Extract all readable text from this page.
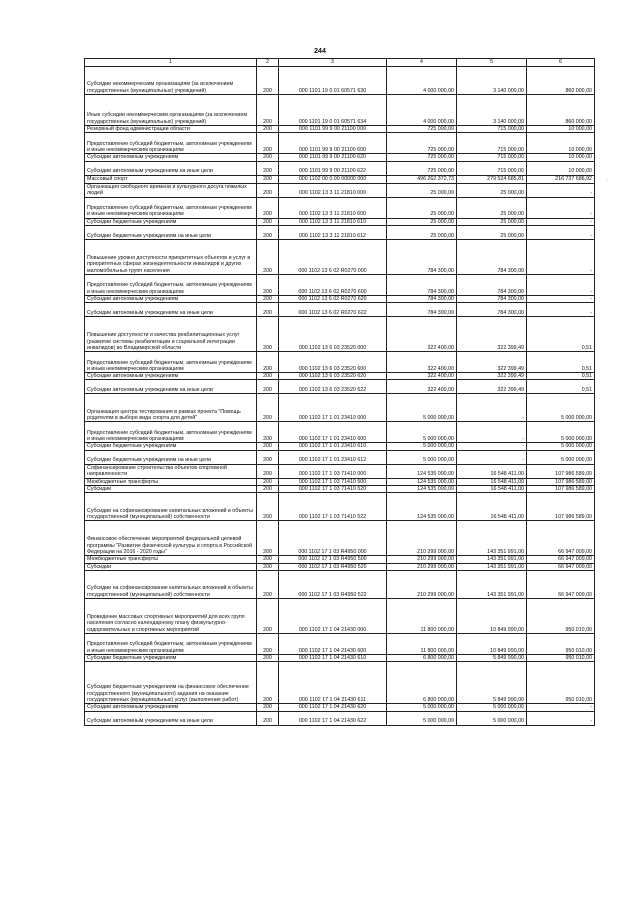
244
·
1	2	3	4	5	6
Субсидии некоммерческим организациям (за исключением государственных (муниципальных) учреждений)	200	000 1101 19 0 01 60571 630	4 000 000,00	3 140 000,00	860 000,00
Иные субсидии некоммерческим организациям (за исключением государственных (муниципальных) учреждений)	200	000 1101 19 0 01 60571 634	4 000 000,00	3 140 000,00	860 000,00
Резервный фонд администрации области	200	000 1101 99 9 00 21100 000	725 000,00	715 000,00	10 000,00
Предоставление субсидий бюджетным, автономным учреждениям и иным некоммерческим организациям	200	000 1101 99 9 00 21100 600	725 000,00	715 000,00	10 000,00
Субсидии автономным учреждениям	200	000 1101 99 9 00 21100 620	725 000,00	715 000,00	10 000,00
Субсидии автономным учреждениям на иные цели	200	000 1101 99 9 00 21100 622	725 000,00	715 000,00	10 000,00
Массовый спорт	200	000 1102 00 0 00 00000 000	496 262 372,73	279 524 685,81	216 737 686,92
Организация свободного времени и культурного досуга пожилых людей	200	000 1102 13 3 11 21810 000	25 000,00	25 000,00	-
Предоставление субсидий бюджетным, автономным учреждениям и иным некоммерческим организациям	200	000 1102 13 3 11 21810 600	25 000,00	25 000,00	-
Субсидии бюджетным учреждениям	200	000 1102 13 3 11 21810 610	25 000,00	25 000,00	-
Субсидии бюджетным учреждениям на иные цели	200	000 1102 13 3 11 21810 612	25 000,00	25 000,00	-
Повышение уровня доступности приоритетных объектов и услуг в приоритетных сферах жизнедеятельности инвалидов и других маломобильных групп населения	200	000 1102 13 6 02 R0270 000	784 300,00	784 300,00	-
Предоставление субсидий бюджетным, автономным учреждениям и иным некоммерческим организациям	200	000 1102 13 6 02 R0270 600	784 300,00	784 300,00	-
Субсидии автономным учреждениям	200	000 1102 13 6 02 R0270 620	784 300,00	784 300,00	-
Субсидии автономным учреждениям на иные цели	200	000 1102 13 6 02 R0270 622	784 300,00	784 300,00	-
Повышение доступности и качества реабилитационных услуг (развитие системы реабилитации и социальной интеграции инвалидов) во Владимирской области	200	000 1102 13 6 03 23520 000	322 400,00	322 399,49	0,51
Предоставление субсидий бюджетным, автономным учреждениям и иным некоммерческим организациям	200	000 1102 13 6 03 23520 600	322 400,00	322 399,49	0,51
Субсидии автономным учреждениям	200	000 1102 13 6 03 23520 620	322 400,00	322 399,49	0,51
Субсидии автономным учреждениям на иные цели	200	000 1102 13 6 03 23520 622	322 400,00	322 399,49	0,51
Организация центра тестирования в рамках проекта "Помощь родителям в выборе вида спорта для детей"	200	000 1102 17 1 01 23410 000	5 000 000,00	-	5 000 000,00
Предоставление субсидий бюджетным, автономным учреждениям и иным некоммерческим организациям	200	000 1102 17 1 01 23410 600	5 000 000,00	-	5 000 000,00
Субсидии бюджетным учреждениям	200	000 1102 17 1 01 23410 610	5 000 000,00	-	5 000 000,00
Субсидии бюджетным учреждениям на иные цели	200	000 1102 17 1 01 23410 612	5 000 000,00	-	5 000 000,00
Софинансирование строительства объектов спортивной направленности	200	000 1102 17 1 03 71410 000	124 535 000,00	16 548 411,00	107 986 589,00
Межбюджетные трансферты	200	000 1102 17 1 03 71410 500	124 535 000,00	16 548 411,00	107 986 589,00
Субсидии	200	000 1102 17 1 03 71410 520	124 535 000,00	16 548 411,00	107 986 589,00
Субсидии на софинансирование капитальных вложений в объекты государственной (муниципальной) собственности	200	000 1102 17 1 03 71410 522	124 535 000,00	16 548 411,00	107 986 589,00
Финансовое обеспечение мероприятий федеральной целевой программы "Развитие физической культуры и спорта в Российской Федерации на 2016 - 2020 годы"	200	000 1102 17 1 03 R4950 000	210 299 000,00	143 351 991,00	66 947 009,00
Межбюджетные трансферты	200	000 1102 17 1 03 R4950 500	210 299 000,00	143 351 991,00	66 947 009,00
Субсидии	200	000 1102 17 1 03 R4950 520	210 299 000,00	143 351 991,00	66 947 009,00
Субсидии на софинансирование капитальных вложений в объекты государственной (муниципальной) собственности	200	000 1102 17 1 03 R4950 522	210 299 000,00	143 351 991,00	66 947 009,00
Проведение массовых спортивных мероприятий для всех групп населения согласно календарному плану физкультурно-оздоровительных и спортивных мероприятий	200	000 1102 17 1 04 21430 000	11 800 000,00	10 849 990,00	950 010,00
Предоставление субсидий бюджетным, автономным учреждениям и иным некоммерческим организациям	200	000 1102 17 1 04 21430 600	11 800 000,00	10 849 990,00	950 010,00
Субсидии бюджетным учреждениям	200	000 1102 17 1 04 21430 610	6 800 000,00	5 849 990,00	950 010,00
Субсидии бюджетным учреждениям на финансовое обеспечение государственного (муниципального) задания на оказание государственных (муниципальных) услуг (выполнение работ)	200	000 1102 17 1 04 21430 611	6 800 000,00	5 849 990,00	950 010,00
Субсидии автономным учреждениям	200	000 1102 17 1 04 21430 620	5 000 000,00	5 000 000,00	-
Субсидии автономным учреждениям на иные цели	200	000 1102 17 1 04 21430 622	5 000 000,00	5 000 000,00	-
